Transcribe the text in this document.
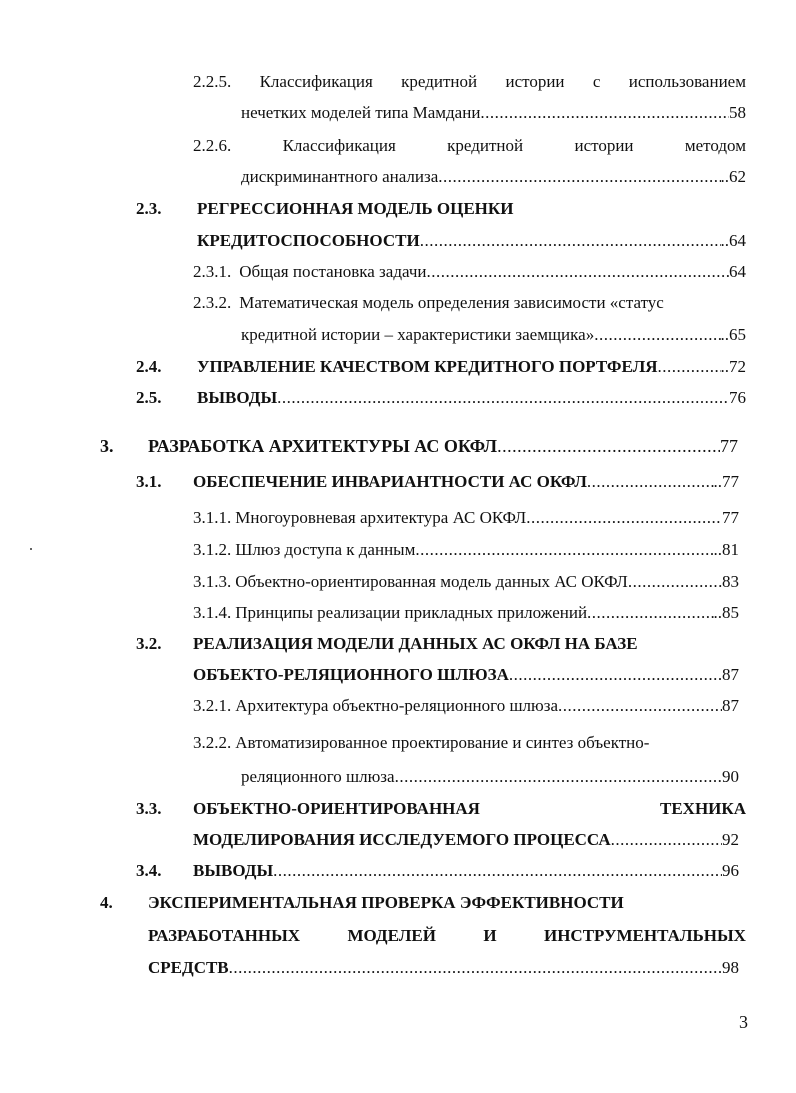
2.2.5. Классификация кредитной истории с использованием
нечетких моделей типа Мамдани .....	58
2.2.6.	Классификация	кредитной	истории	методом
дискриминантного анализа .....	..62
2.3. РЕГРЕССИОННАЯ МОДЕЛЬ ОЦЕНКИ
КРЕДИТОСПОСОБНОСТИ .....	..64
2.3.1. Общая постановка задачи .....	64
2.3.2. Математическая модель определения зависимости «статус
кредитной истории – характеристики заемщика» .....	..65
2.4. УПРАВЛЕНИЕ КАЧЕСТВОМ КРЕДИТНОГО ПОРТФЕЛЯ .....	..72
2.5. ВЫВОДЫ .....	76
3. РАЗРАБОТКА АРХИТЕКТУРЫ АС ОКФЛ .....	77
3.1. ОБЕСПЕЧЕНИЕ ИНВАРИАНТНОСТИ АС ОКФЛ .....	..77
3.1.1. Многоуровневая архитектура АС ОКФЛ .....	77
3.1.2. Шлюз доступа к данным .....	..81
3.1.3. Объектно-ориентированная модель данных АС ОКФЛ .....	83
3.1.4. Принципы реализации прикладных приложений .....	..85
3.2. РЕАЛИЗАЦИЯ МОДЕЛИ ДАННЫХ АС ОКФЛ НА БАЗЕ
ОБЪЕКТО-РЕЛЯЦИОННОГО ШЛЮЗА .....	87
3.2.1. Архитектура объектно-реляционного шлюза .....	87
3.2.2. Автоматизированное проектирование и синтез объектно-
реляционного шлюза .....	90
3.3. ОБЪЕКТНО-ОРИЕНТИРОВАННАЯ	ТЕХНИКА
МОДЕЛИРОВАНИЯ ИССЛЕДУЕМОГО ПРОЦЕССА .....	92
3.4. ВЫВОДЫ .....	96
4. ЭКСПЕРИМЕНТАЛЬНАЯ ПРОВЕРКА ЭФФЕКТИВНОСТИ
РАЗРАБОТАННЫХ	МОДЕЛЕЙ	И	ИНСТРУМЕНТАЛЬНЫХ
СРЕДСТВ .....	98
3
